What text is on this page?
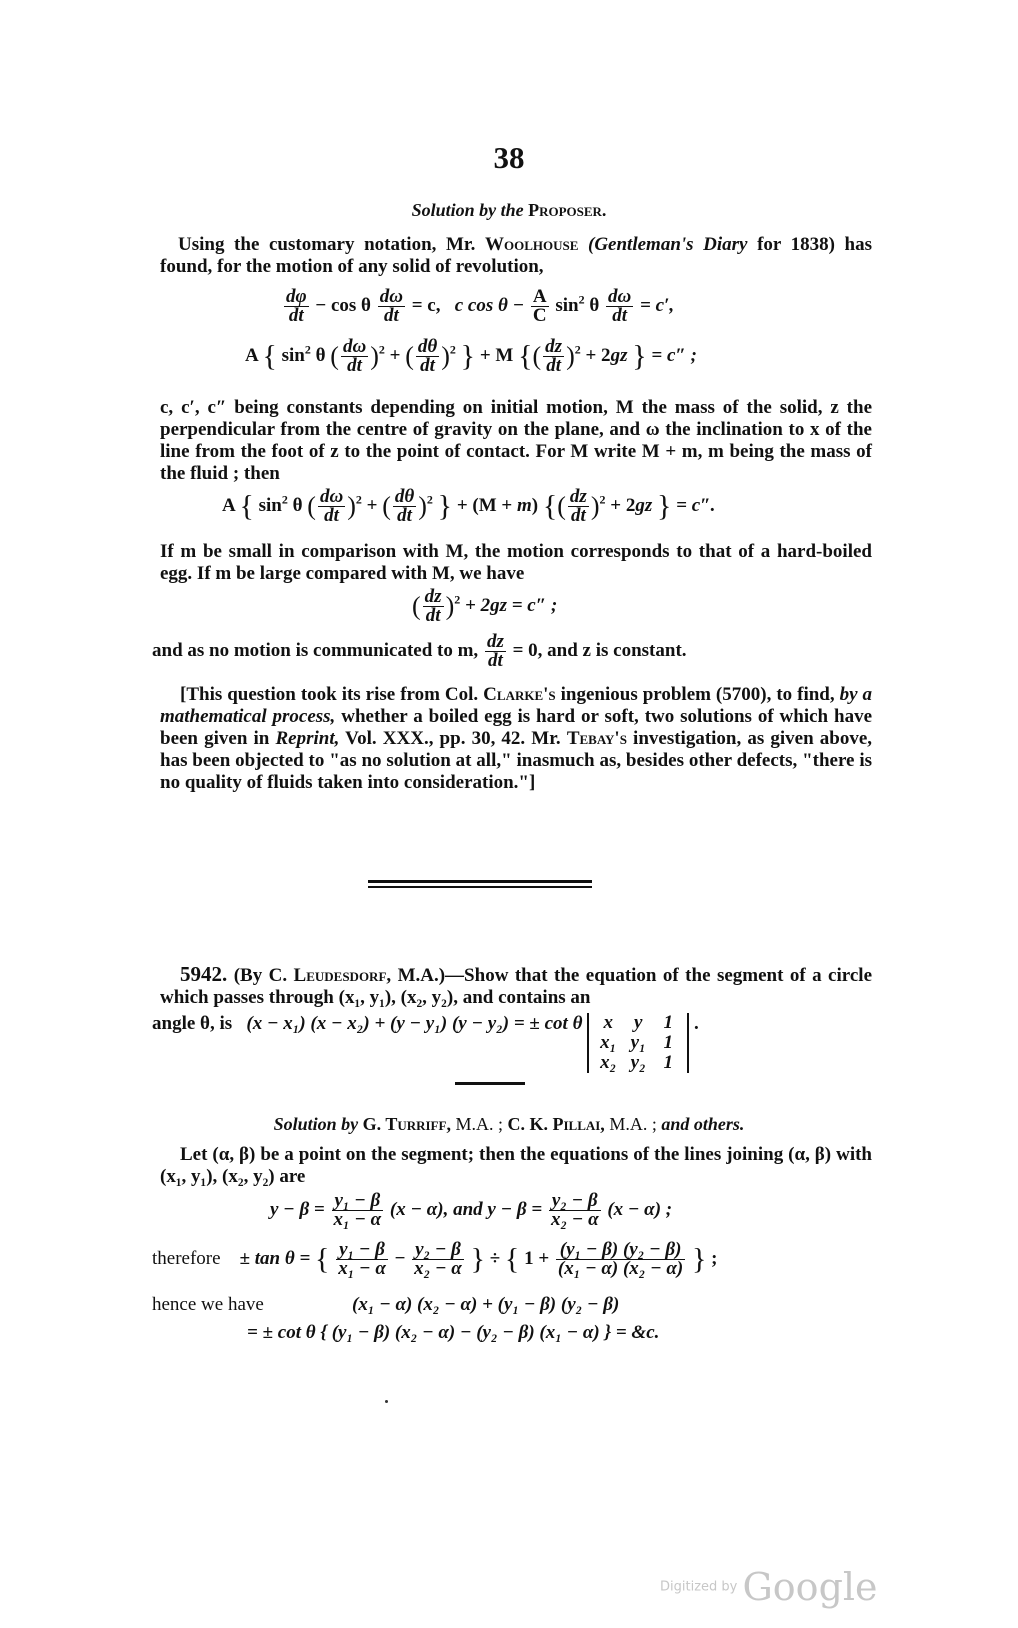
38
Solution by the Proposer.
Using the customary notation, Mr. Woolhouse (Gentleman's Diary for 1838) has found, for the motion of any solid of revolution,
$\frac{d\varphi}{dt} - \cos \theta \frac{d\omega}{dt} = c$, c $\cos \theta - \frac{A}{C} \sin^2 \theta \frac{d\omega}{dt} = c'$,
A { $\sin^2 \theta$ ( $\frac{d\omega}{dt} )^2$ + ( $\frac{d\theta}{dt} )^2$ } + M {( $\frac{dz}{dt} )^2 + 2gz$ } = c″ ;
c, c′, c″ being constants depending on initial motion, M the mass of the solid, z the perpendicular from the centre of gravity on the plane, and ω the inclination to x of the line from the foot of z to the point of contact. For M write M + m, m being the mass of the fluid ; then
A { $\sin^2 \theta$ ( $\frac{d\omega}{dt} )^2$ + ( $\frac{d\theta}{dt} )^2$ } + (M + m) {( $\frac{dz}{dt} )^2 + 2gz$ } = c″.
If m be small in comparison with M, the motion corresponds to that of a hard-boiled egg. If m be large compared with M, we have
( $\frac{dz}{dt} )^2 + 2gz = c''$ ;
and as no motion is communicated to m, $\frac{dz}{dt} = 0$, and z is constant.
[This question took its rise from Col. Clarke's ingenious problem (5700), to find, by a mathematical process, whether a boiled egg is hard or soft, two solutions of which have been given in Reprint, Vol. XXX., pp. 30, 42. Mr. Tebay's investigation, as given above, has been objected to "as no solution at all," inasmuch as, besides other defects, "there is no quality of fluids taken into consideration."]
5942. (By C. Leudesdorf, M.A.)—Show that the equation of the segment of a circle which passes through (x₁, y₁), (x₂, y₂), and contains an
angle θ, is (x − x₁) (x − x₂) + (y − y₁) (y − y₂) = ± cot θ	x	y	1
x₁ y₁ 1
x₂ y₂ 1
.
Solution by G. Turriff, M.A. ; C. K. Pillai, M.A. ; and others.
Let (α, β) be a point on the segment; then the equations of the lines joining (α, β) with (x₁, y₁), (x₂, y₂) are
$y - \beta = \frac{\text{y₁ − β}}{\text{x₁ − α}} (x - \alpha)$, and $y - \beta = \frac{\text{y₂ − β}}{\text{x₂ − α}} (x - \alpha)$ ;
therefore ± tan θ = { $\frac{\text{y₁ − β}}{\text{x₁ − α}} - \frac{\text{y₂ − β}}{\text{x₂ − α}}$ } ÷ { $1 + \frac{\text{(y₁ − β) (y₂ − β)}}{\text{(x₁ − α) (x₂ − α)}}$ } ;
hence we have	(x₁ − α) (x₂ − α) + (y₁ − β) (y₂ − β)
= ± cot θ { (y₁ − β) (x₂ − α) − (y₂ − β) (x₁ − α) } = &c.
Digitized by Google
